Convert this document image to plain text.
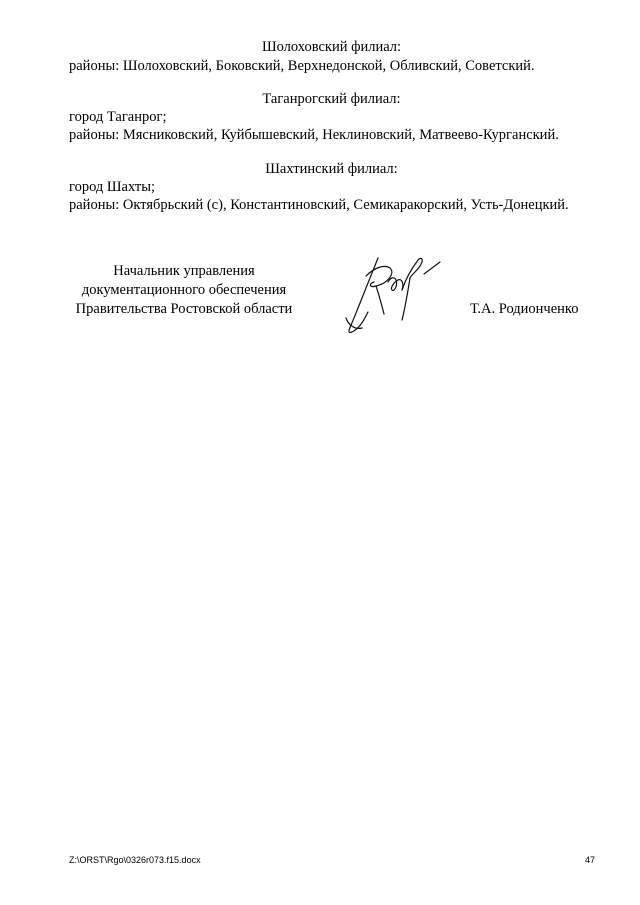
Шолоховский филиал:
районы: Шолоховский, Боковский, Верхнедонской, Обливский, Советский.
Таганрогский филиал:
город Таганрог;
районы: Мясниковский, Куйбышевский, Неклиновский, Матвеево-Курганский.
Шахтинский филиал:
город Шахты;
районы: Октябрьский (с), Константиновский, Семикаракорский, Усть-Донецкий.
Начальник управления
документационного обеспечения
Правительства Ростовской области	Т.А. Родионченко
Z:\ORST\Rgo\0326r073.f15.docx	47
